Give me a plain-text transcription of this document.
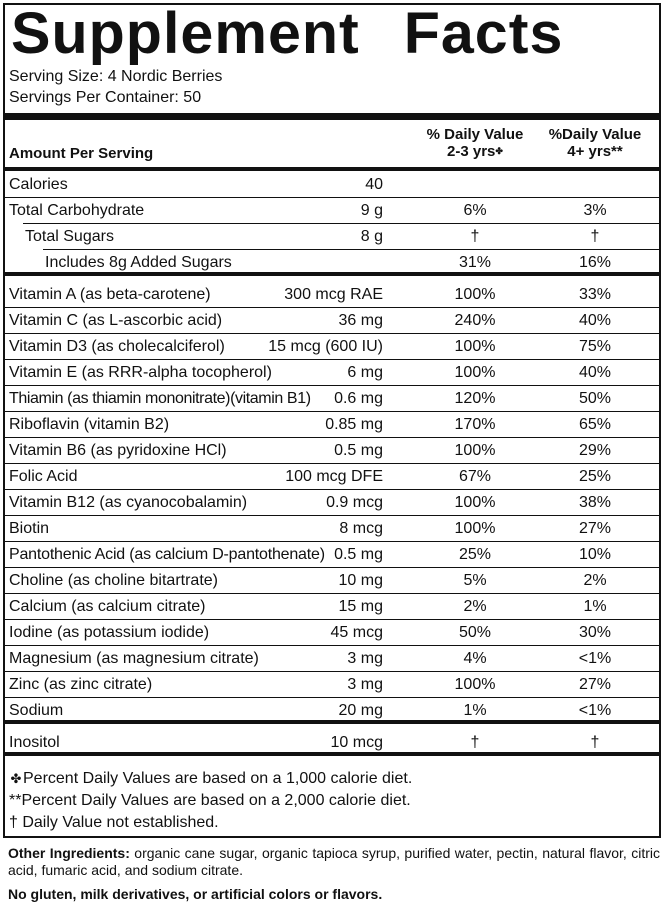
Supplement Facts
Serving Size: 4 Nordic Berries
Servings Per Container: 50
Amount Per Serving
% Daily Value
2-3 yrs✤
%Daily Value
4+ yrs**
Calories	40
Total Carbohydrate	9 g	6%	3%
Total Sugars	8 g	†	†
Includes 8g Added Sugars	31%	16%
Vitamin A (as beta-carotene)	300 mcg RAE	100%	33%
Vitamin C (as L-ascorbic acid)	36 mg	240%	40%
Vitamin D3 (as cholecalciferol)	15 mcg (600 IU)	100%	75%
Vitamin E (as RRR-alpha tocopherol)	6 mg	100%	40%
Thiamin (as thiamin mononitrate)(vitamin B1) 0.6 mg	120%	50%
Riboflavin (vitamin B2)	0.85 mg	170%	65%
Vitamin B6 (as pyridoxine HCl)	0.5 mg	100%	29%
Folic Acid	100 mcg DFE	67%	25%
Vitamin B12 (as cyanocobalamin)	0.9 mcg	100%	38%
Biotin	8 mcg	100%	27%
Pantothenic Acid (as calcium D-pantothenate) 0.5 mg	25%	10%
Choline (as choline bitartrate)	10 mg	5%	2%
Calcium (as calcium citrate)	15 mg	2%	1%
Iodine (as potassium iodide)	45 mcg	50%	30%
Magnesium (as magnesium citrate)	3 mg	4%	<1%
Zinc (as zinc citrate)	3 mg	100%	27%
Sodium	20 mg	1%	<1%
Inositol	10 mcg	†	†
✤Percent Daily Values are based on a 1,000 calorie diet.
**Percent Daily Values are based on a 2,000 calorie diet.
† Daily Value not established.
Other Ingredients: organic cane sugar, organic tapioca syrup, purified water, pectin, natural flavor, citric acid, fumaric acid, and sodium citrate.
No gluten, milk derivatives, or artificial colors or flavors.
